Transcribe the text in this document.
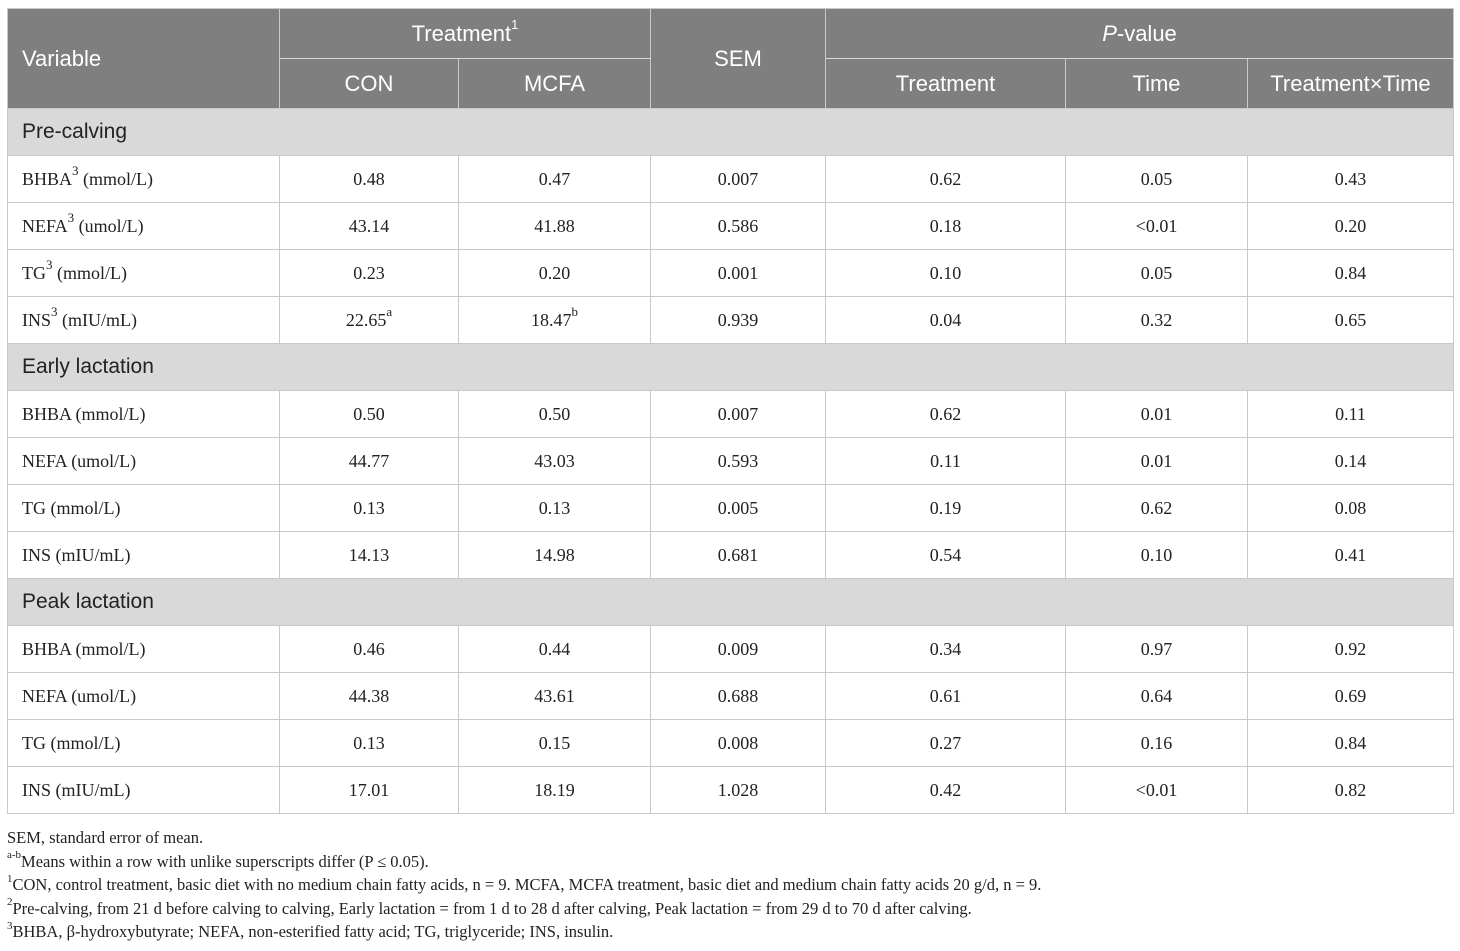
Variable	Treatment$^1$		SEM	P-value		
	CON	MCFA		Treatment	Time	Treatment×Time
Pre-calving						
BHBA$^3$ (mmol/L)	0.48	0.47	0.007	0.62	0.05	0.43
NEFA$^3$ (umol/L)	43.14	41.88	0.586	0.18	<0.01	0.20
$TG^3$ (mmol/L)	0.23	0.20	0.001	0.10	0.05	0.84
INS$^3$ (mIU/mL)	22.65$^a$	18.47$^b$	0.939	0.04	0.32	0.65
Early lactation						
BHBA (mmol/L)	0.50	0.50	0.007	0.62	0.01	0.11
NEFA (umol/L)	44.77	43.03	0.593	0.11	0.01	0.14
TG (mmol/L)	0.13	0.13	0.005	0.19	0.62	0.08
INS (mIU/mL)	14.13	14.98	0.681	0.54	0.10	0.41
Peak lactation						
BHBA (mmol/L)	0.46	0.44	0.009	0.34	0.97	0.92
NEFA (umol/L)	44.38	43.61	0.688	0.61	0.64	0.69
TG (mmol/L)	0.13	0.15	0.008	0.27	0.16	0.84
INS (mIU/mL)	17.01	18.19	1.028	0.42	<0.01	0.82
SEM, standard error of mean.
$^{a-b}$Means within a row with unlike superscripts differ (P ≤ 0.05).
$^1$CON, control treatment, basic diet with no medium chain fatty acids, n = 9. MCFA, MCFA treatment, basic diet and medium chain fatty acids 20 g/d, n = 9.
$^2$Pre-calving, from 21 d before calving to calving, Early lactation = from 1 d to 28 d after calving, Peak lactation = from 29 d to 70 d after calving.
$^3$BHBA, β-hydroxybutyrate; NEFA, non-esterified fatty acid; TG, triglyceride; INS, insulin.
